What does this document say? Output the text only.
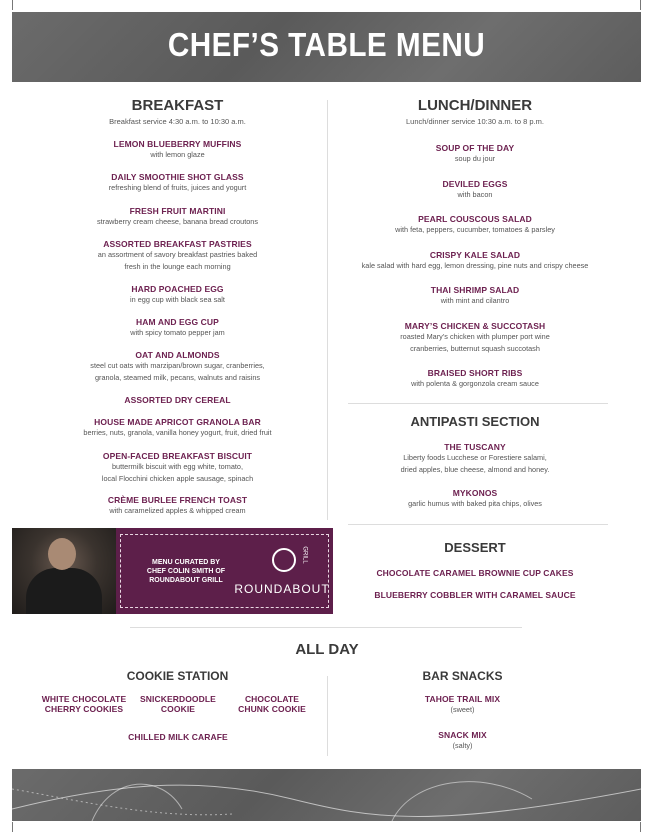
CHEF’S TABLE MENU
BREAKFAST
Breakfast service 4:30 a.m. to 10:30 a.m.
LEMON BLUEBERRY MUFFINS
with lemon glaze
DAILY SMOOTHIE SHOT GLASS
refreshing blend of fruits, juices and yogurt
FRESH FRUIT MARTINI
strawberry cream cheese, banana bread croutons
ASSORTED BREAKFAST PASTRIES
an assortment of savory breakfast pastries baked
fresh in the lounge each morning
HARD POACHED EGG
in egg cup with black sea salt
HAM AND EGG CUP
with spicy tomato pepper jam
OAT AND ALMONDS
steel cut oats with marzipan/brown sugar, cranberries,
granola, steamed milk, pecans, walnuts and raisins
ASSORTED DRY CEREAL
HOUSE MADE APRICOT GRANOLA BAR
berries, nuts, granola, vanilla honey yogurt, fruit, dried fruit
OPEN-FACED BREAKFAST BISCUIT
buttermilk biscuit with egg white, tomato,
local Flocchini chicken apple sausage, spinach
CRÈME BURLEE FRENCH TOAST
with caramelized apples & whipped cream
LUNCH/DINNER
Lunch/dinner service 10:30 a.m. to 8 p.m.
SOUP OF THE DAY
soup du jour
DEVILED EGGS
with bacon
PEARL COUSCOUS SALAD
with feta, peppers, cucumber, tomatoes & parsley
CRISPY KALE SALAD
kale salad with hard egg, lemon dressing, pine nuts and crispy cheese
THAI SHRIMP SALAD
with mint and cilantro
MARY’S CHICKEN & SUCCOTASH
roasted Mary’s chicken with plumper port wine
cranberries, butternut squash succotash
BRAISED SHORT RIBS
with polenta & gorgonzola cream sauce
ANTIPASTI SECTION
THE TUSCANY
Liberty foods Lucchese or Forestiere salami,
dried apples, blue cheese, almond and honey.
MYKONOS
garlic humus with baked pita chips, olives
DESSERT
CHOCOLATE CARAMEL BROWNIE CUP CAKES
BLUEBERRY COBBLER WITH CARAMEL SAUCE
MENU CURATED BY
CHEF COLIN SMITH OF
ROUNDABOUT GRILL
GRILL
ROUNDABOUT
ALL DAY
COOKIE STATION
WHITE CHOCOLATE
CHERRY COOKIES
SNICKERDOODLE
COOKIE
CHOCOLATE
CHUNK COOKIE
CHILLED MILK CARAFE
BAR SNACKS
TAHOE TRAIL MIX
(sweet)
SNACK MIX
(salty)
